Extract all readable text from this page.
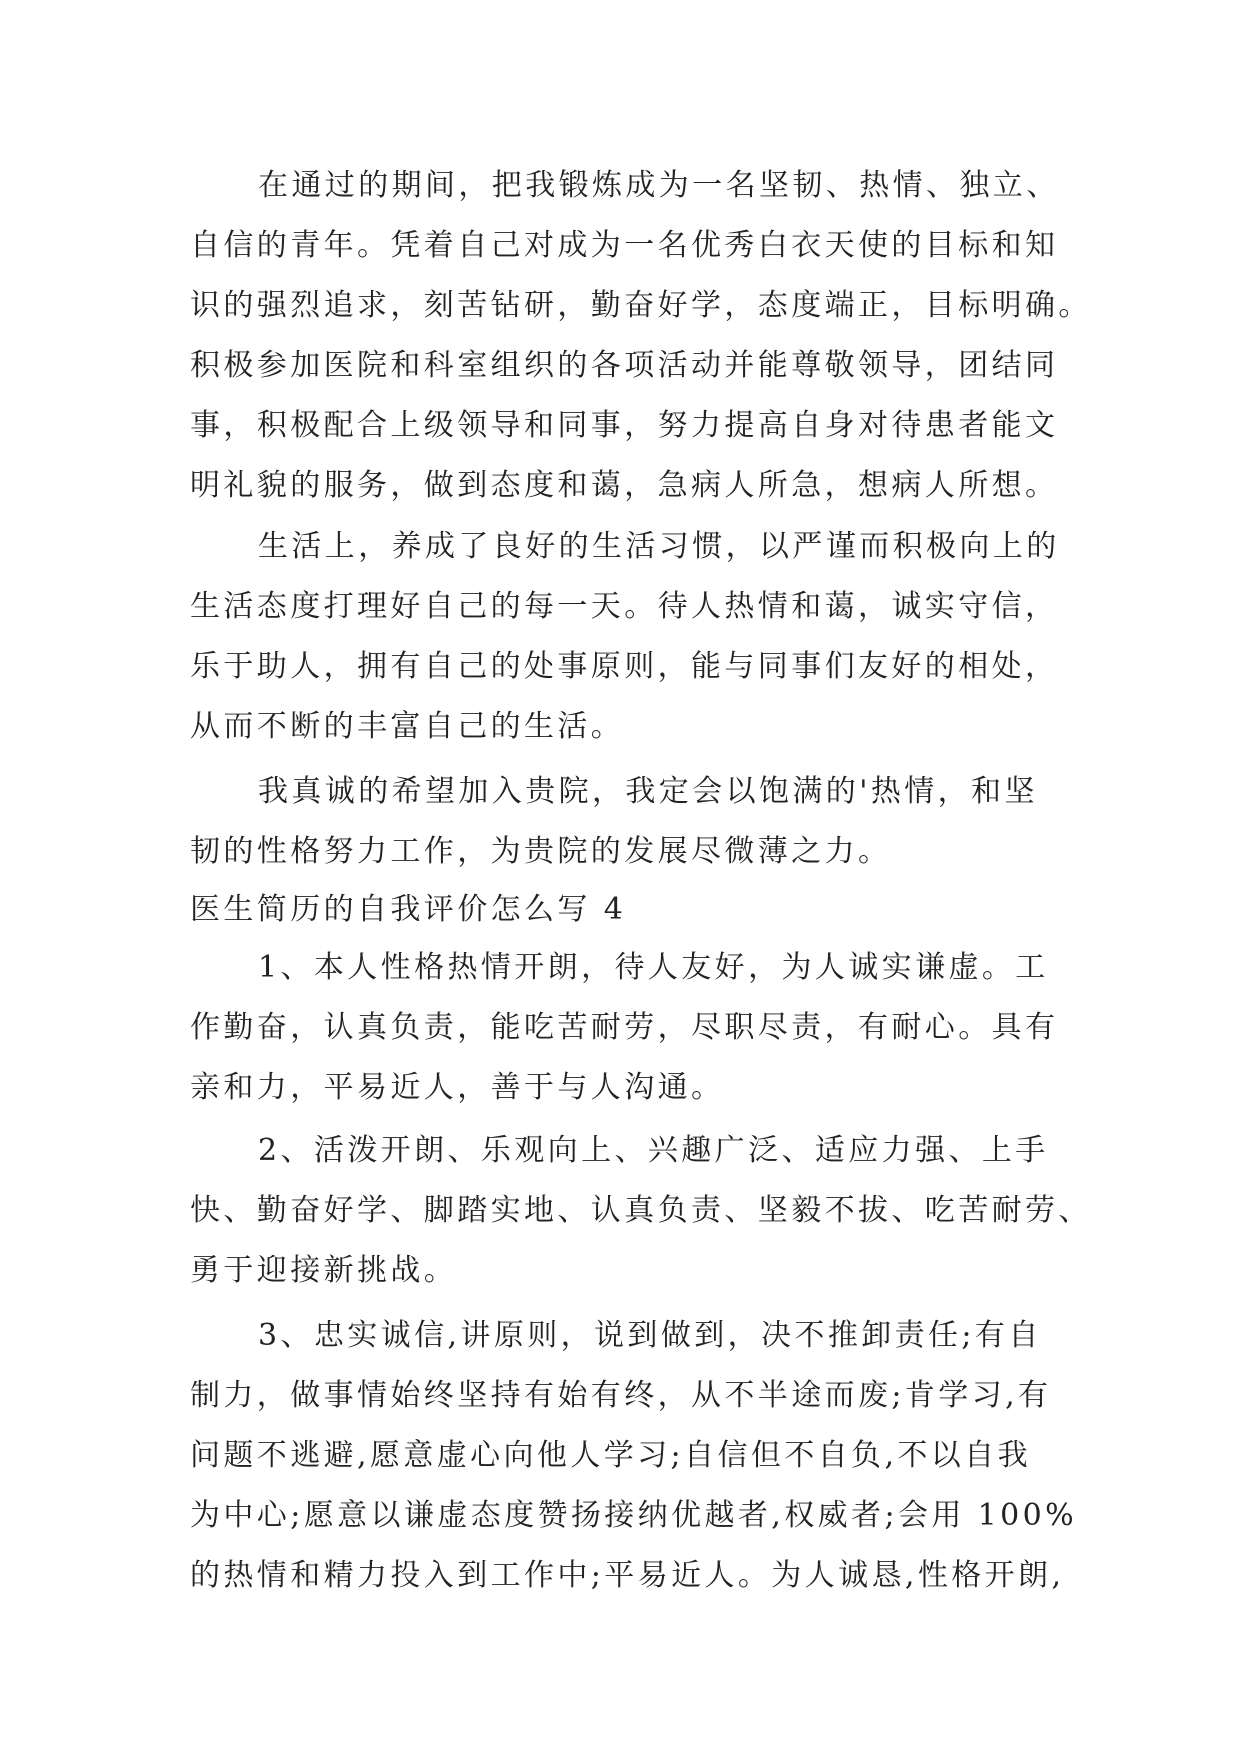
在通过的期间，把我锻炼成为一名坚韧、热情、独立、
自信的青年。凭着自己对成为一名优秀白衣天使的目标和知
识的强烈追求，刻苦钻研，勤奋好学，态度端正，目标明确。
积极参加医院和科室组织的各项活动并能尊敬领导，团结同
事，积极配合上级领导和同事，努力提高自身对待患者能文
明礼貌的服务，做到态度和蔼，急病人所急，想病人所想。
生活上，养成了良好的生活习惯，以严谨而积极向上的
生活态度打理好自己的每一天。待人热情和蔼，诚实守信，
乐于助人，拥有自己的处事原则，能与同事们友好的相处，
从而不断的丰富自己的生活。
我真诚的希望加入贵院，我定会以饱满的'热情，和坚
韧的性格努力工作，为贵院的发展尽微薄之力。
医生简历的自我评价怎么写 4
1、本人性格热情开朗，待人友好，为人诚实谦虚。工
作勤奋，认真负责，能吃苦耐劳，尽职尽责，有耐心。具有
亲和力，平易近人，善于与人沟通。
2、活泼开朗、乐观向上、兴趣广泛、适应力强、上手
快、勤奋好学、脚踏实地、认真负责、坚毅不拔、吃苦耐劳、
勇于迎接新挑战。
3、忠实诚信,讲原则，说到做到，决不推卸责任;有自
制力，做事情始终坚持有始有终，从不半途而废;肯学习,有
问题不逃避,愿意虚心向他人学习;自信但不自负,不以自我
为中心;愿意以谦虚态度赞扬接纳优越者,权威者;会用 100%
的热情和精力投入到工作中;平易近人。为人诚恳,性格开朗,
